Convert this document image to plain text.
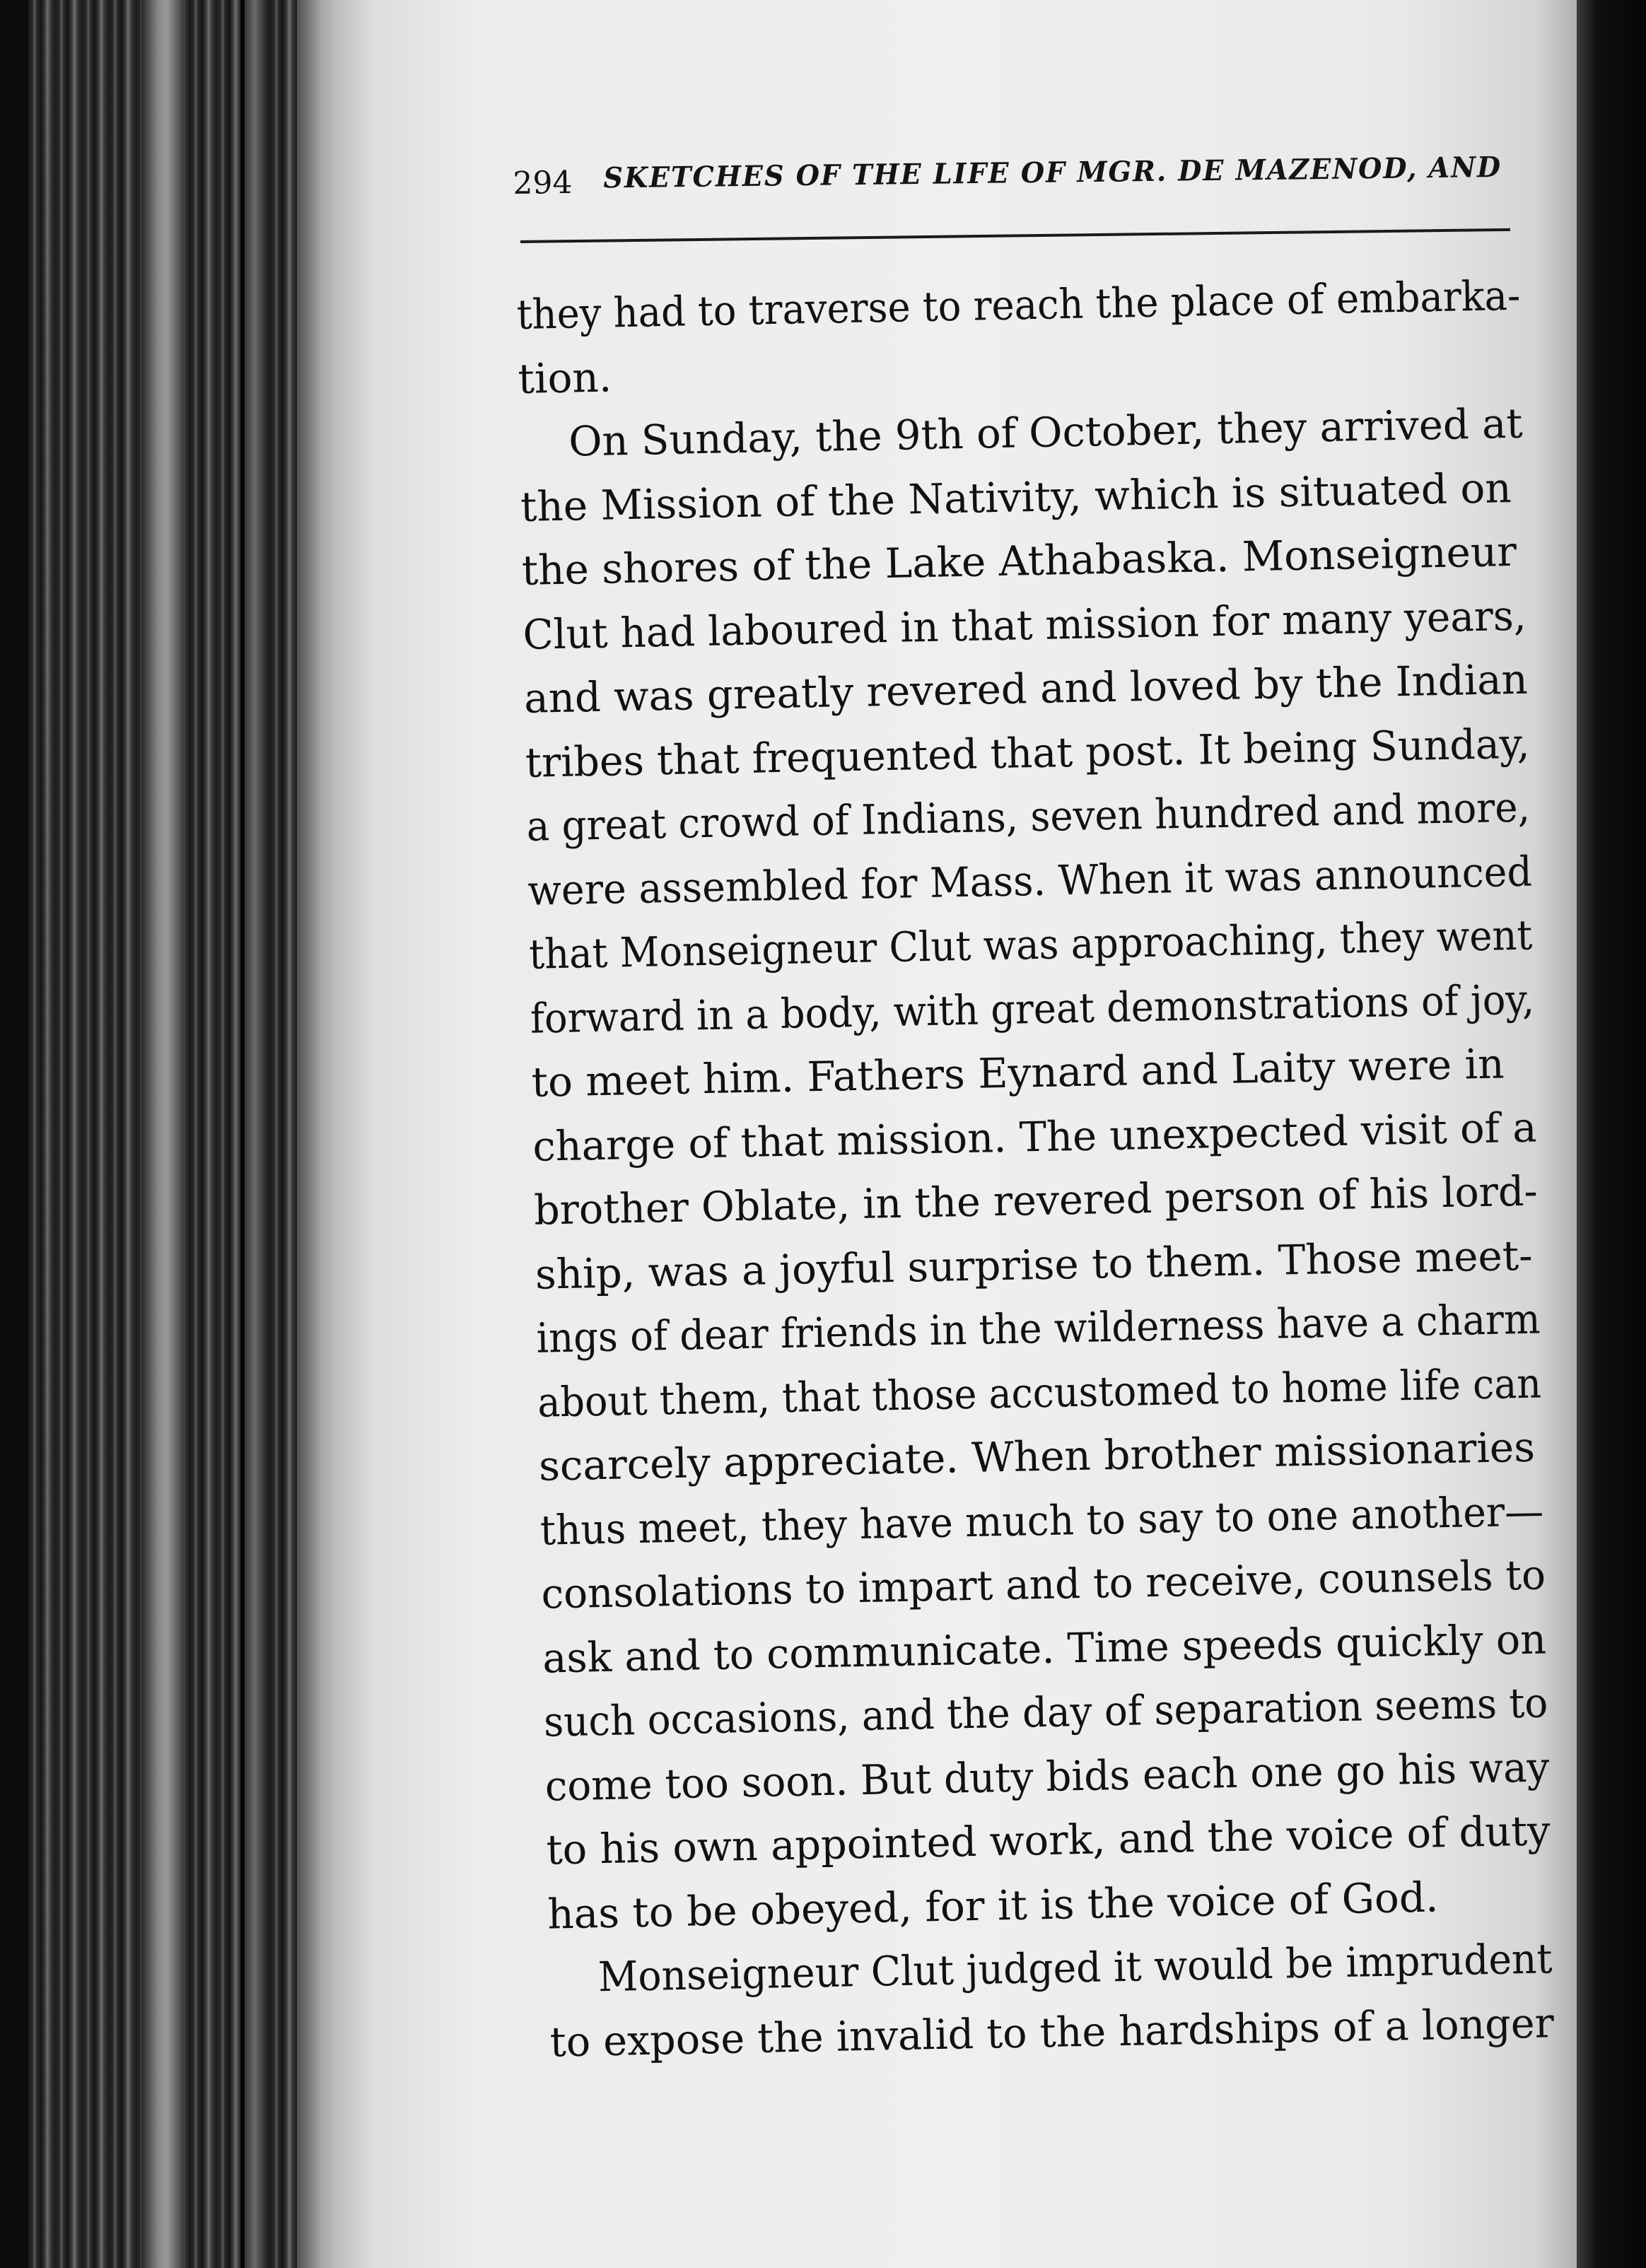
294 SKETCHES OF THE LIFE OF MGR. DE MAZENOD, AND
they had to traverse to reach the place of embarka-
tion.
On Sunday, the 9th of October, they arrived at
the Mission of the Nativity, which is situated on
the shores of the Lake Athabaska. Monseigneur
Clut had laboured in that mission for many years,
and was greatly revered and loved by the Indian
tribes that frequented that post. It being Sunday,
a great crowd of Indians, seven hundred and more,
were assembled for Mass. When it was announced
that Monseigneur Clut was approaching, they went
forward in a body, with great demonstrations of joy,
to meet him. Fathers Eynard and Laity were in
charge of that mission. The unexpected visit of a
brother Oblate, in the revered person of his lord-
ship, was a joyful surprise to them. Those meet-
ings of dear friends in the wilderness have a charm
about them, that those accustomed to home life can
scarcely appreciate. When brother missionaries
thus meet, they have much to say to one another—
consolations to impart and to receive, counsels to
ask and to communicate. Time speeds quickly on
such occasions, and the day of separation seems to
come too soon. But duty bids each one go his way
to his own appointed work, and the voice of duty
has to be obeyed, for it is the voice of God.
Monseigneur Clut judged it would be imprudent
to expose the invalid to the hardships of a longer
